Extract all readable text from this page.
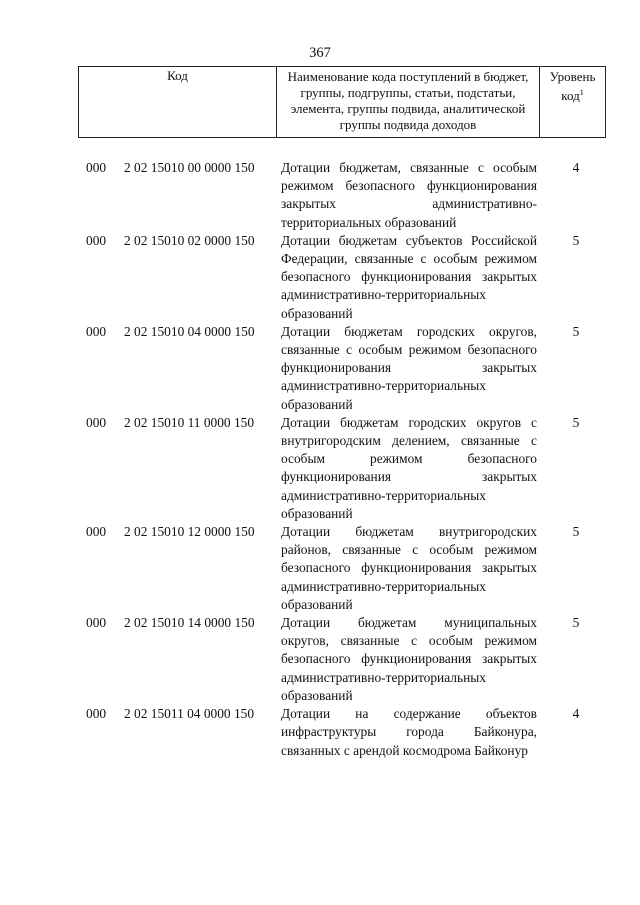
367
Код	Наименование кода поступлений в бюджет, группы, подгруппы, статьи, подстатьи, элемента, группы подвида, аналитической группы подвида доходов
Уровень код$^1$
000 2 02 15010 00 0000 150 Дотации бюджетам, связанные с особым режимом безопасного функционирования закрытых административно-территориальных образований
4
000 2 02 15010 02 0000 150 Дотации бюджетам субъектов Российской Федерации, связанные с особым режимом безопасного функционирования закрытых административно-территориальных образований
5
000 2 02 15010 04 0000 150 Дотации бюджетам городских округов, связанные с особым режимом безопасного функционирования закрытых административно-территориальных образований
5
000 2 02 15010 11 0000 150 Дотации бюджетам городских округов с внутригородским делением, связанные с особым режимом безопасного функционирования закрытых административно-территориальных образований
5
000 2 02 15010 12 0000 150 Дотации бюджетам внутригородских районов, связанные с особым режимом безопасного функционирования закрытых административно-территориальных образований
5
000 2 02 15010 14 0000 150 Дотации бюджетам муниципальных округов, связанные с особым режимом безопасного функционирования закрытых административно-территориальных образований
5
000 2 02 15011 04 0000 150 Дотации на содержание объектов инфраструктуры города Байконура, связанных с арендой космодрома Байконур
4
